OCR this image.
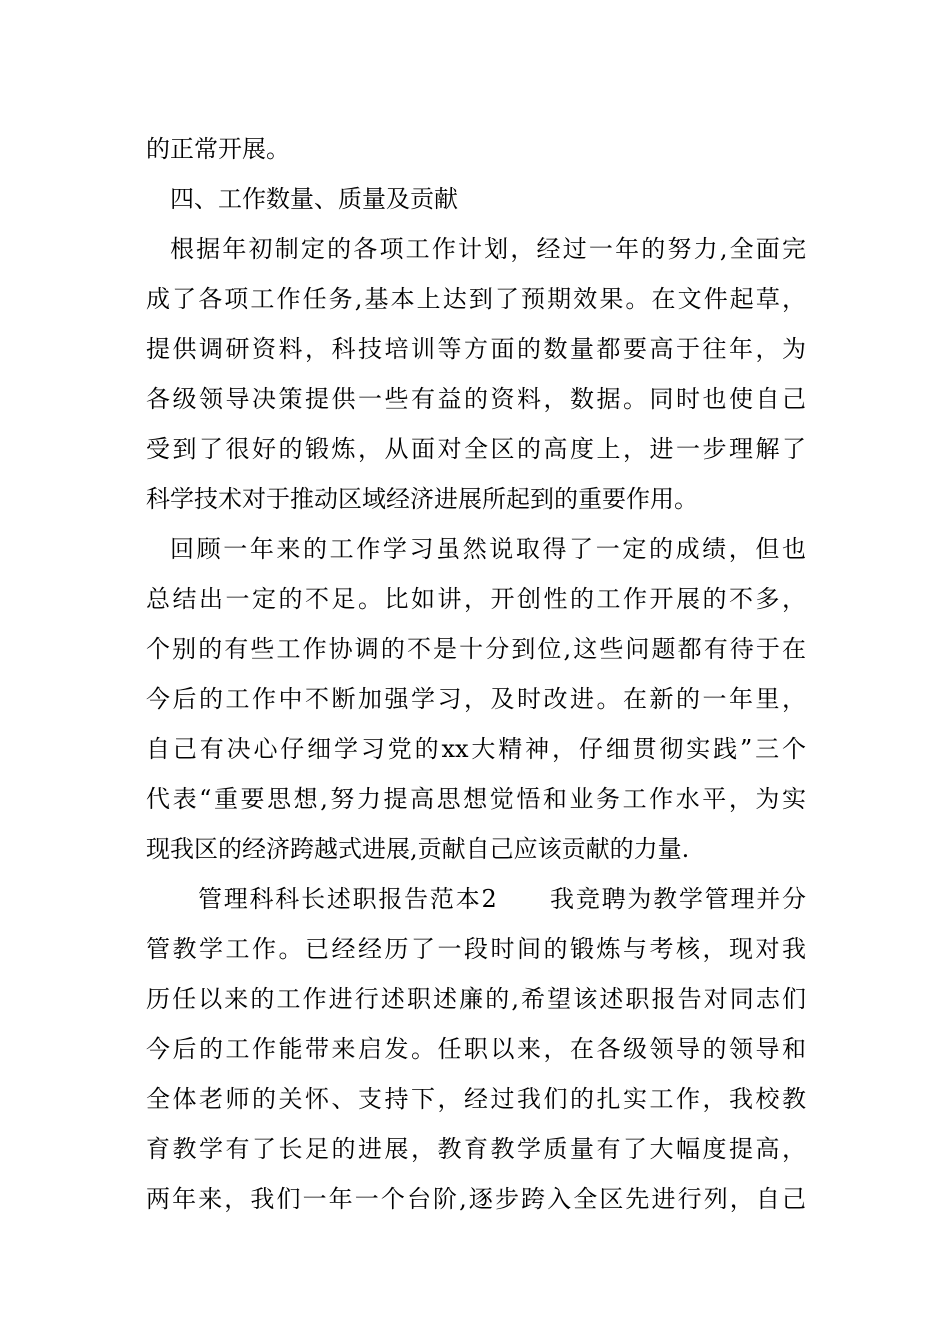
的正常开展。
四、工作数量、质量及贡献
根据年初制定的各项工作计划，经过一年的努力,全面完
成了各项工作任务,基本上达到了预期效果。在文件起草，
提供调研资料，科技培训等方面的数量都要高于往年，为
各级领导决策提供一些有益的资料，数据。同时也使自己
受到了很好的锻炼，从面对全区的高度上，进一步理解了
科学技术对于推动区域经济进展所起到的重要作用。
回顾一年来的工作学习虽然说取得了一定的成绩，但也
总结出一定的不足。比如讲，开创性的工作开展的不多，
个别的有些工作协调的不是十分到位,这些问题都有待于在
今后的工作中不断加强学习，及时改进。在新的一年里，
自己有决心仔细学习党的xx大精神，仔细贯彻实践”三个
代表“重要思想,努力提高思想觉悟和业务工作水平，为实
现我区的经济跨越式进展,贡献自己应该贡献的力量.
管理科科长述职报告范本2　　我竞聘为教学管理并分
管教学工作。已经经历了一段时间的锻炼与考核，现对我
历任以来的工作进行述职述廉的,希望该述职报告对同志们
今后的工作能带来启发。任职以来，在各级领导的领导和
全体老师的关怀、支持下，经过我们的扎实工作，我校教
育教学有了长足的进展，教育教学质量有了大幅度提高，
两年来，我们一年一个台阶,逐步跨入全区先进行列，自己
